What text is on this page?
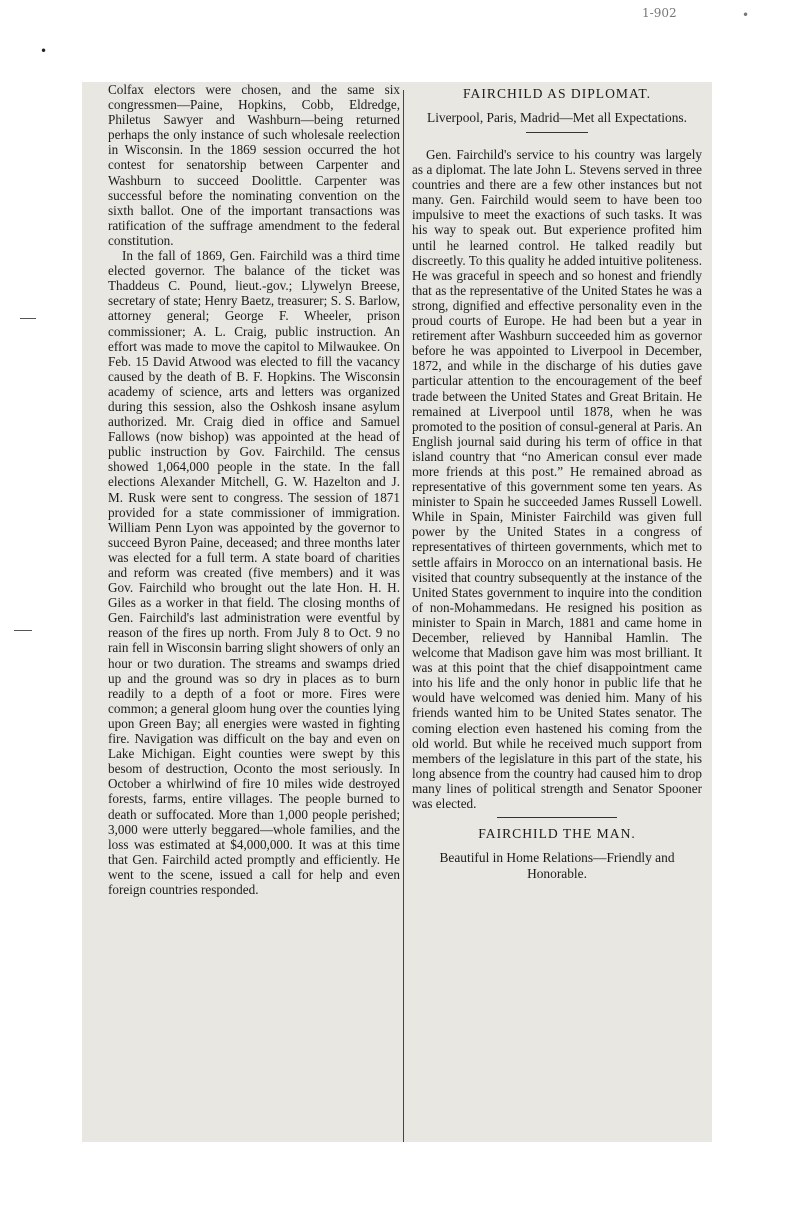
1-902	•
•

Colfax electors were chosen, and the same six congressmen—Paine, Hopkins, Cobb, Eldredge, Philetus Sawyer and Washburn—being returned perhaps the only instance of such wholesale reelection in Wisconsin. In the 1869 session occurred the hot contest for senatorship between Carpenter and Washburn to succeed Doolittle. Carpenter was successful before the nominating convention on the sixth ballot. One of the important transactions was ratification of the suffrage amendment to the federal constitution.

In the fall of 1869, Gen. Fairchild was a third time elected governor. The balance of the ticket was Thaddeus C. Pound, lieut.-gov.; Llywelyn Breese, secretary of state; Henry Baetz, treasurer; S. S. Barlow, attorney general; George F. Wheeler, prison commissioner; A. L. Craig, public instruction. An effort was made to move the capitol to Milwaukee. On Feb. 15 David Atwood was elected to fill the vacancy caused by the death of B. F. Hopkins. The Wisconsin academy of science, arts and letters was organized during this session, also the Oshkosh insane asylum authorized. Mr. Craig died in office and Samuel Fallows (now bishop) was appointed at the head of public instruction by Gov. Fairchild. The census showed 1,064,000 people in the state. In the fall elections Alexander Mitchell, G. W. Hazelton and J. M. Rusk were sent to congress. The session of 1871 provided for a state commissioner of immigration. William Penn Lyon was appointed by the governor to succeed Byron Paine, deceased; and three months later was elected for a full term. A state board of charities and reform was created (five members) and it was Gov. Fairchild who brought out the late Hon. H. H. Giles as a worker in that field. The closing months of Gen. Fairchild's last administration were eventful by reason of the fires up north. From July 8 to Oct. 9 no rain fell in Wisconsin barring slight showers of only an hour or two duration. The streams and swamps dried up and the ground was so dry in places as to burn readily to a depth of a foot or more. Fires were common; a general gloom hung over the counties lying upon Green Bay; all energies were wasted in fighting fire. Navigation was difficult on the bay and even on Lake Michigan. Eight counties were swept by this besom of destruction, Oconto the most seriously. In October a whirlwind of fire 10 miles wide destroyed forests, farms, entire villages. The people burned to death or suffocated. More than 1,000 people perished; 3,000 were utterly beggared—whole families, and the loss was estimated at $4,000,000. It was at this time that Gen. Fairchild acted promptly and efficiently. He went to the scene, issued a call for help and even foreign countries responded.

FAIRCHILD AS DIPLOMAT.
Liverpool, Paris, Madrid—Met all Expectations.

Gen. Fairchild's service to his country was largely as a diplomat. The late John L. Stevens served in three countries and there are a few other instances but not many. Gen. Fairchild would seem to have been too impulsive to meet the exactions of such tasks. It was his way to speak out. But experience profited him until he learned control. He talked readily but discreetly. To this quality he added intuitive politeness. He was graceful in speech and so honest and friendly that as the representative of the United States he was a strong, dignified and effective personality even in the proud courts of Europe. He had been but a year in retirement after Washburn succeeded him as governor before he was appointed to Liverpool in December, 1872, and while in the discharge of his duties gave particular attention to the encouragement of the beef trade between the United States and Great Britain. He remained at Liverpool until 1878, when he was promoted to the position of consul-general at Paris. An English journal said during his term of office in that island country that “no American consul ever made more friends at this post.” He remained abroad as representative of this government some ten years. As minister to Spain he succeeded James Russell Lowell. While in Spain, Minister Fairchild was given full power by the United States in a congress of representatives of thirteen governments, which met to settle affairs in Morocco on an international basis. He visited that country subsequently at the instance of the United States government to inquire into the condition of non-Mohammedans. He resigned his position as minister to Spain in March, 1881 and came home in December, relieved by Hannibal Hamlin. The welcome that Madison gave him was most brilliant. It was at this point that the chief disappointment came into his life and the only honor in public life that he would have welcomed was denied him. Many of his friends wanted him to be United States senator. The coming election even hastened his coming from the old world. But while he received much support from members of the legislature in this part of the state, his long absence from the country had caused him to drop many lines of political strength and Senator Spooner was elected.

FAIRCHILD THE MAN.
Beautiful in Home Relations—Friendly and Honorable.
